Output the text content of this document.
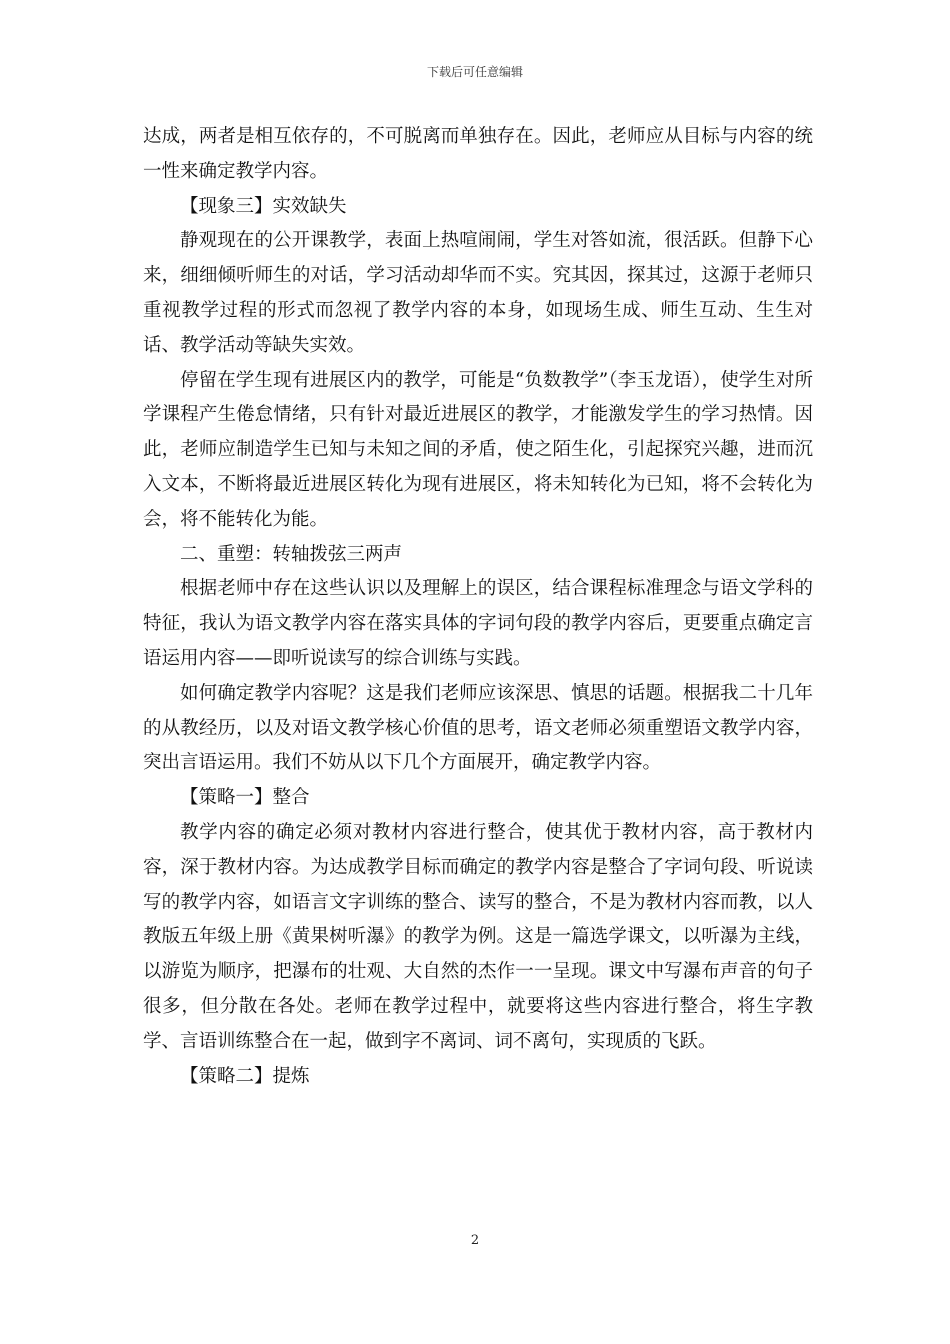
下载后可任意编辑

达成，两者是相互依存的，不可脱离而单独存在。因此，老师应从目标与内容的统一性来确定教学内容。

【现象三】实效缺失

静观现在的公开课教学，表面上热喧闹闹，学生对答如流，很活跃。但静下心来，细细倾听师生的对话，学习活动却华而不实。究其因，探其过，这源于老师只重视教学过程的形式而忽视了教学内容的本身，如现场生成、师生互动、生生对话、教学活动等缺失实效。

停留在学生现有进展区内的教学，可能是“负数教学”（李玉龙语），使学生对所学课程产生倦怠情绪，只有针对最近进展区的教学，才能激发学生的学习热情。因此，老师应制造学生已知与未知之间的矛盾，使之陌生化，引起探究兴趣，进而沉入文本，不断将最近进展区转化为现有进展区，将未知转化为已知，将不会转化为会，将不能转化为能。

二、重塑：转轴拨弦三两声

根据老师中存在这些认识以及理解上的误区，结合课程标准理念与语文学科的特征，我认为语文教学内容在落实具体的字词句段的教学内容后，更要重点确定言语运用内容——即听说读写的综合训练与实践。

如何确定教学内容呢？这是我们老师应该深思、慎思的话题。根据我二十几年的从教经历，以及对语文教学核心价值的思考，语文老师必须重塑语文教学内容，突出言语运用。我们不妨从以下几个方面展开，确定教学内容。

【策略一】整合

教学内容的确定必须对教材内容进行整合，使其优于教材内容，高于教材内容，深于教材内容。为达成教学目标而确定的教学内容是整合了字词句段、听说读写的教学内容，如语言文字训练的整合、读写的整合，不是为教材内容而教，以人教版五年级上册《黄果树听瀑》的教学为例。这是一篇选学课文，以听瀑为主线，以游览为顺序，把瀑布的壮观、大自然的杰作一一呈现。课文中写瀑布声音的句子很多，但分散在各处。老师在教学过程中，就要将这些内容进行整合，将生字教学、言语训练整合在一起，做到字不离词、词不离句，实现质的飞跃。

【策略二】提炼

2
